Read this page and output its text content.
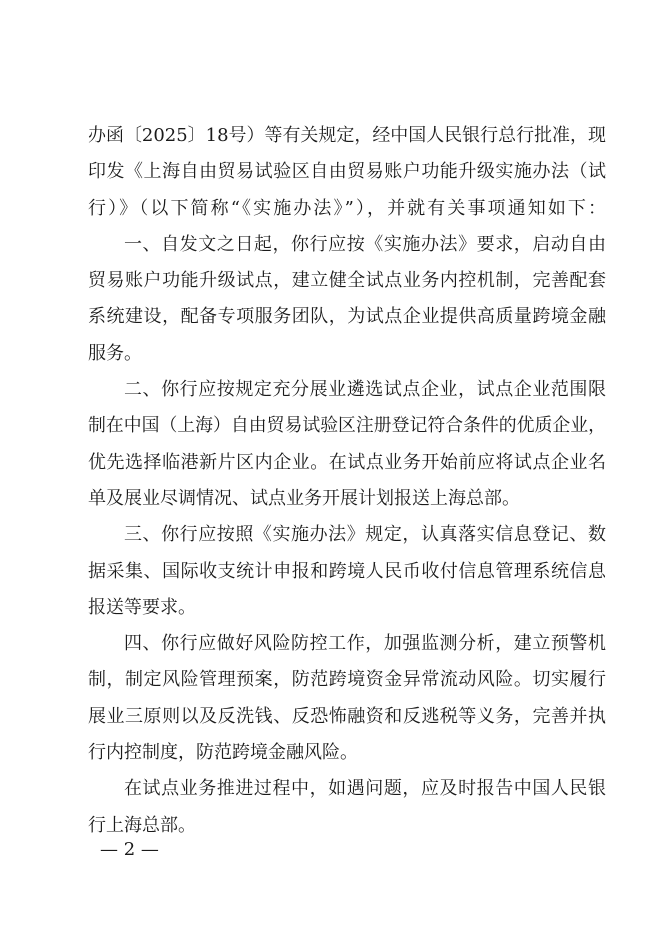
办函〔2025〕18号）等有关规定，经中国人民银行总行批准，现
印发《上海自由贸易试验区自由贸易账户功能升级实施办法（试
行）》（以下简称“《实施办法》”），并就有关事项通知如下：
一、自发文之日起，你行应按《实施办法》要求，启动自由
贸易账户功能升级试点，建立健全试点业务内控机制，完善配套
系统建设，配备专项服务团队，为试点企业提供高质量跨境金融
服务。
二、你行应按规定充分展业遴选试点企业，试点企业范围限
制在中国（上海）自由贸易试验区注册登记符合条件的优质企业，
优先选择临港新片区内企业。在试点业务开始前应将试点企业名
单及展业尽调情况、试点业务开展计划报送上海总部。
三、你行应按照《实施办法》规定，认真落实信息登记、数
据采集、国际收支统计申报和跨境人民币收付信息管理系统信息
报送等要求。
四、你行应做好风险防控工作，加强监测分析，建立预警机
制，制定风险管理预案，防范跨境资金异常流动风险。切实履行
展业三原则以及反洗钱、反恐怖融资和反逃税等义务，完善并执
行内控制度，防范跨境金融风险。
在试点业务推进过程中，如遇问题，应及时报告中国人民银
行上海总部。
— 2 —
